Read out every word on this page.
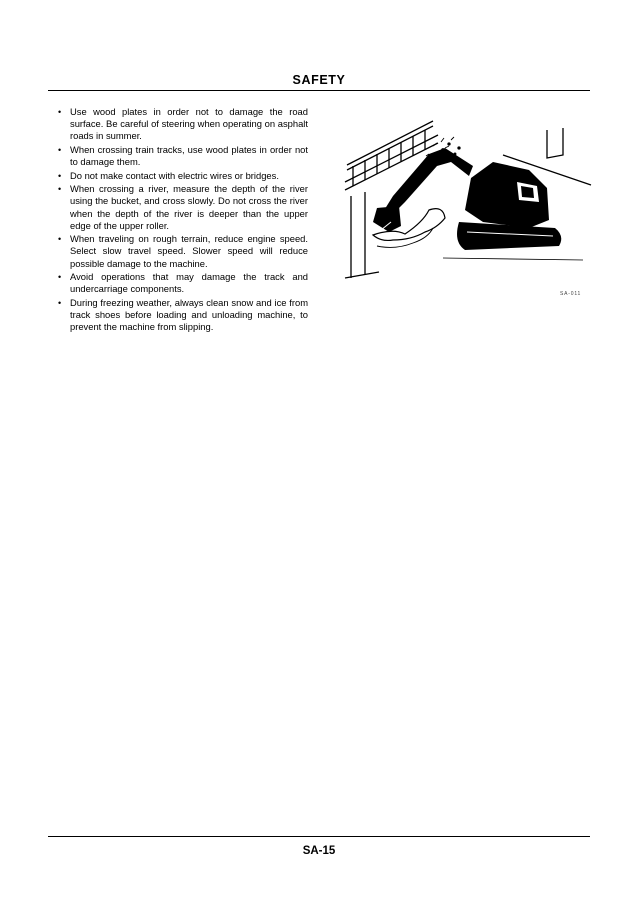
SAFETY
• Use wood plates in order not to damage the road surface. Be careful of steering when operating on asphalt roads in summer.
• When crossing train tracks, use wood plates in order not to damage them.
• Do not make contact with electric wires or bridges.
• When crossing a river, measure the depth of the river using the bucket, and cross slowly. Do not cross the river when the depth of the river is deeper than the upper edge of the upper roller.
• When traveling on rough terrain, reduce engine speed. Select slow travel speed. Slower speed will reduce possible damage to the machine.
• Avoid operations that may damage the track and undercarriage components.
• During freezing weather, always clean snow and ice from track shoes before loading and unloading machine, to prevent the machine from slipping.
SA-011
SA-15
